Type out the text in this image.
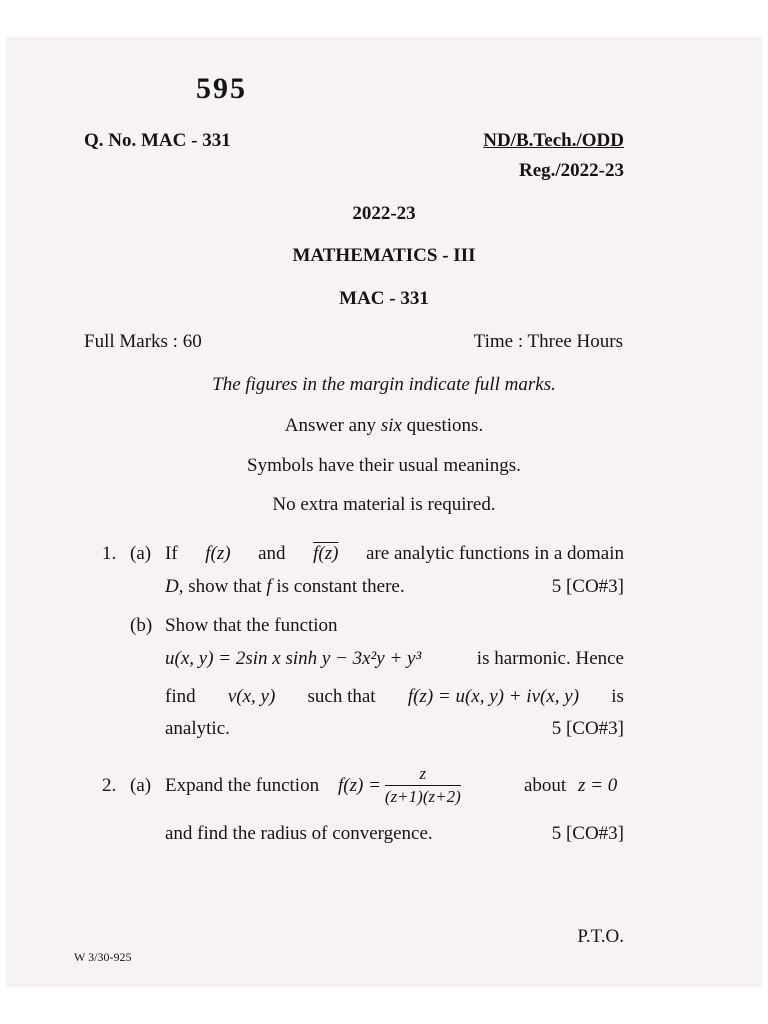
595
Q. No. MAC - 331	ND/B.Tech./ODD
Reg./2022-23
2022-23
MATHEMATICS - III
MAC - 331
Full Marks : 60	Time : Three Hours
The figures in the margin indicate full marks.
Answer any six questions.
Symbols have their usual meanings.
No extra material is required.
1. (a) If f(z) and f(z) are analytic functions in a domain
D, show that f is constant there.	5 [CO#3]
(b) Show that the function
u(x, y) = 2sin x sinh y − 3x²y + y³	is harmonic. Hence
find v(x, y) such that f(z) = u(x, y) + iv(x, y) is
analytic.	5 [CO#3]
2. (a) Expand the function $f(z) = \frac{z}{(z+1)(z+2)}$	about z = 0
and find the radius of convergence.	5 [CO#3]
P.T.O.
W 3/30-925
